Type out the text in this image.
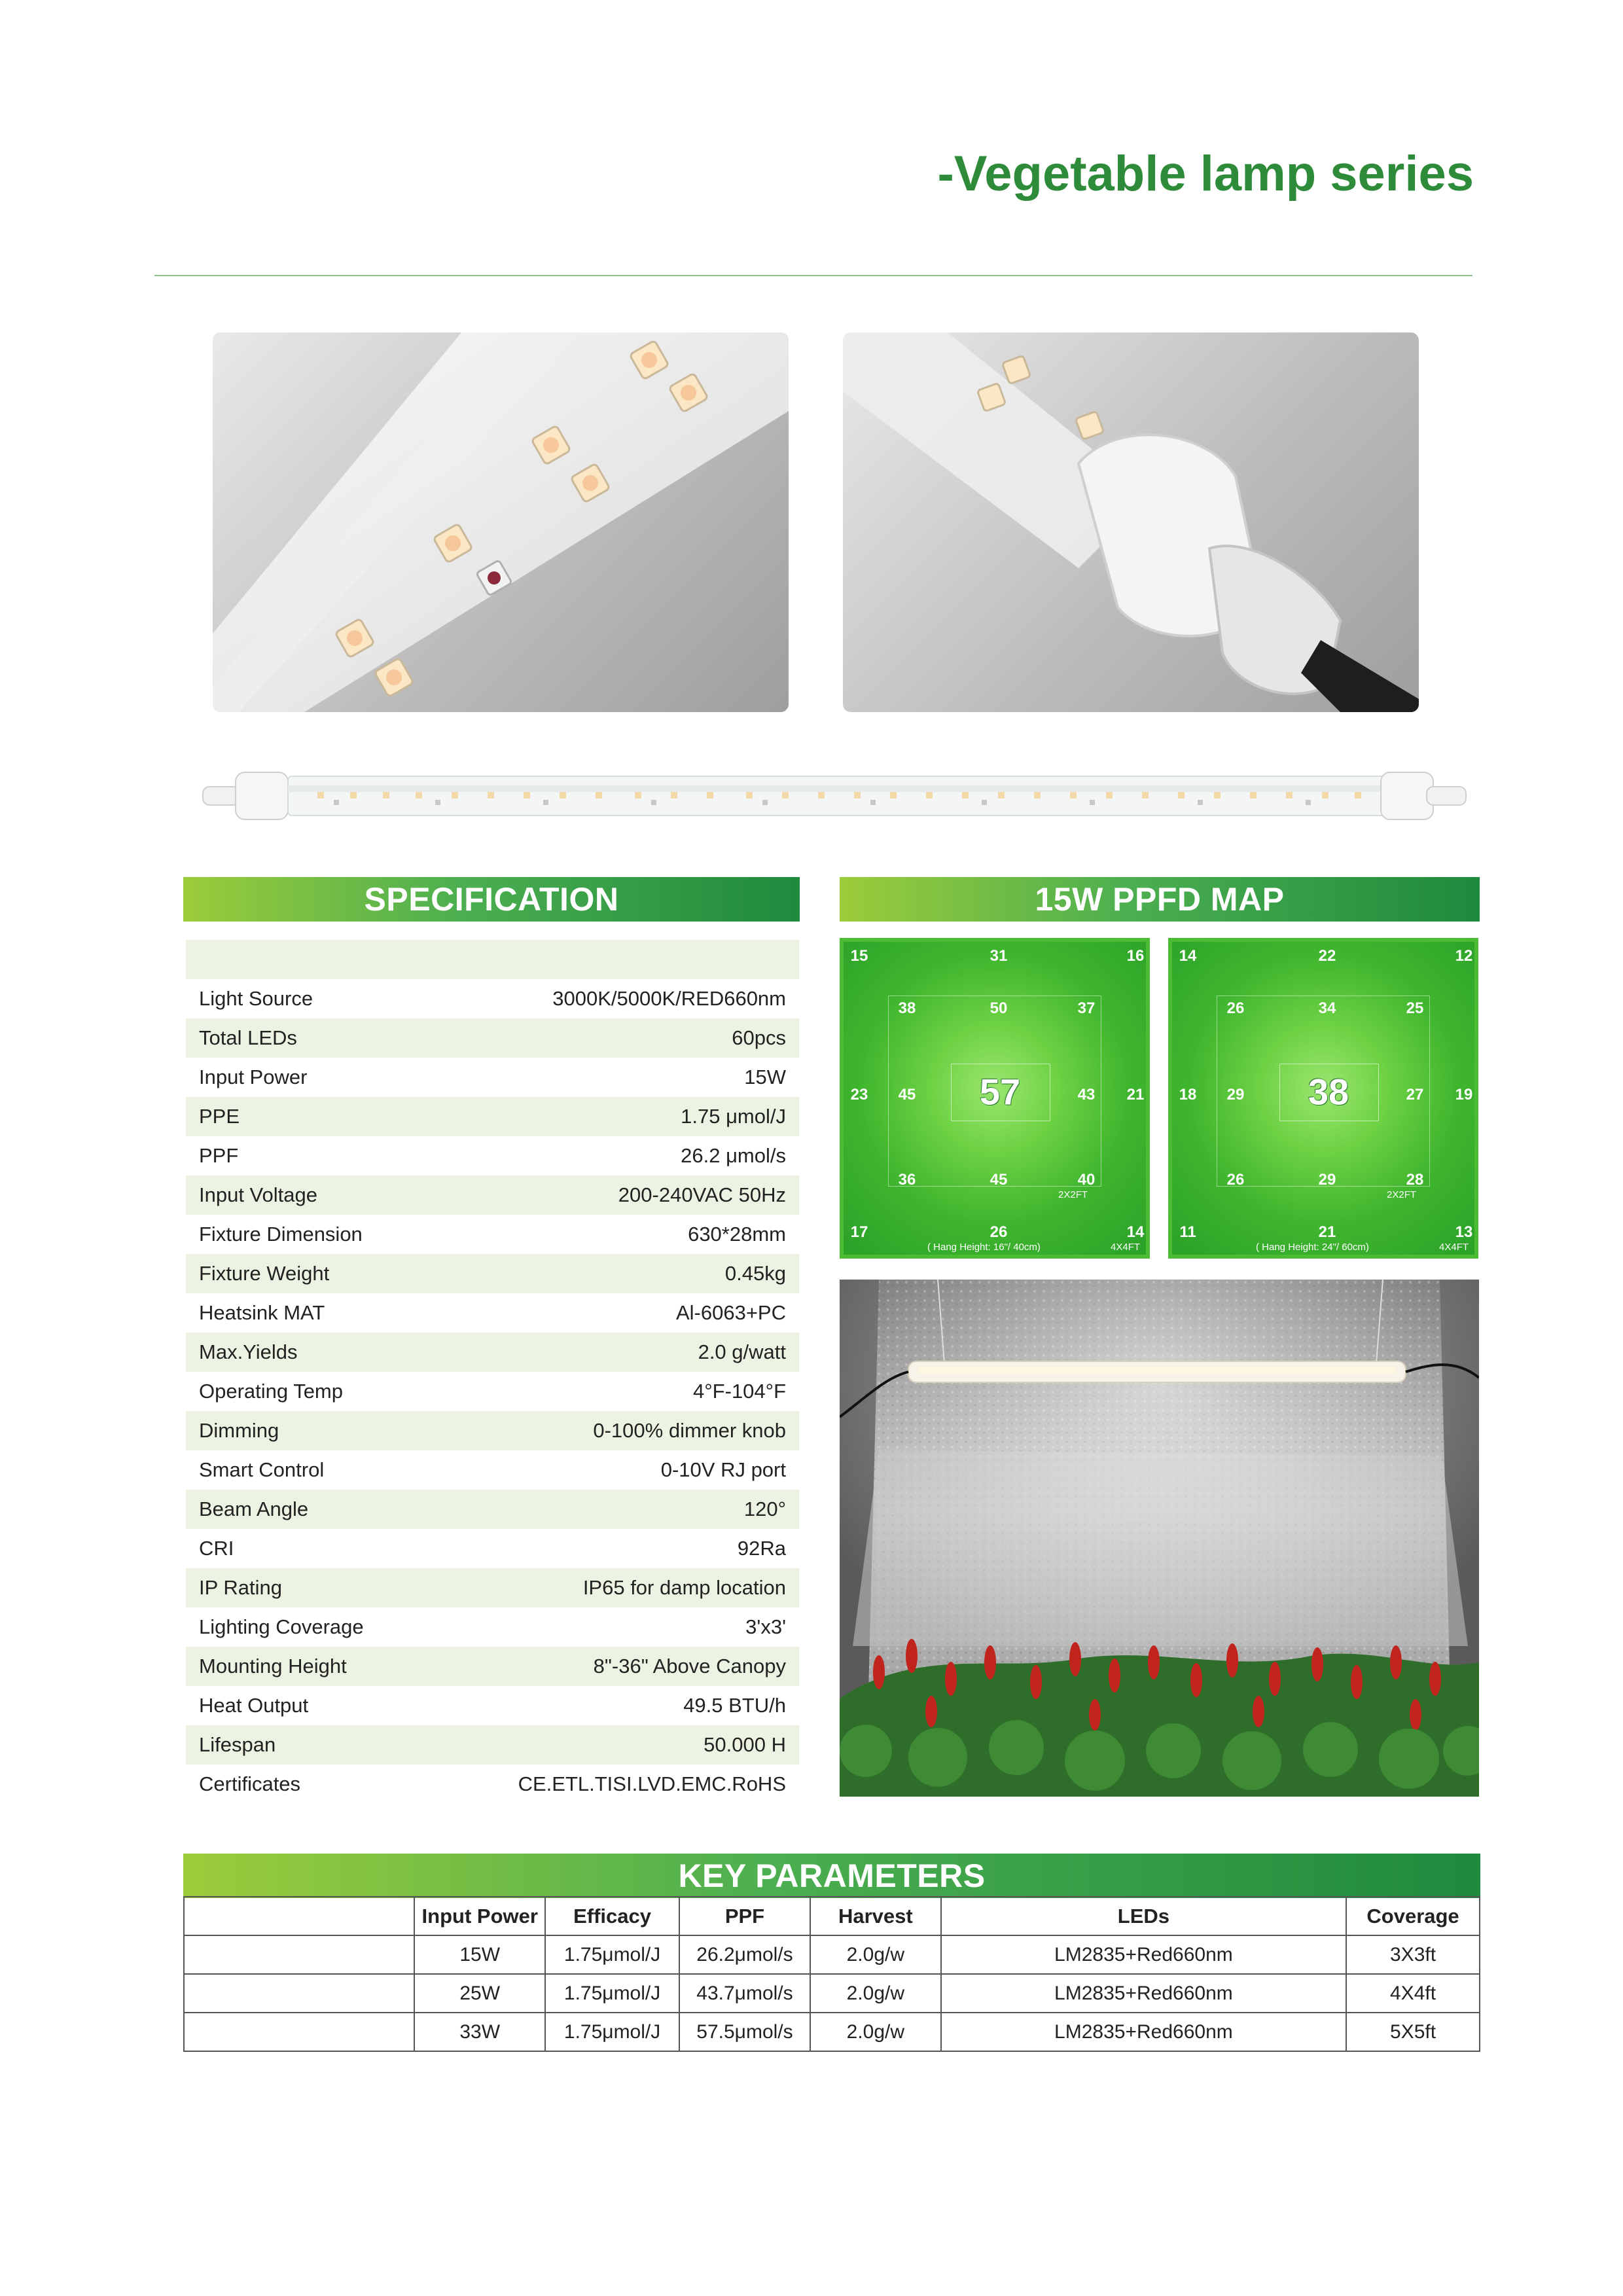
-Vegetable lamp series
SPECIFICATION	15W PPFD MAP
Light Source	3000K/5000K/RED660nm
Total LEDs	60pcs
Input Power	15W
PPE	1.75 μmol/J
PPF	26.2 μmol/s
Input Voltage	200-240VAC 50Hz
Fixture Dimension	630*28mm
Fixture Weight	0.45kg
Heatsink MAT	Al-6063+PC
Max.Yields	2.0 g/watt
Operating Temp	4°F-104°F
Dimming	0-100% dimmer knob
Smart Control	0-10V RJ port
Beam Angle	120°
CRI	92Ra
IP Rating	IP65 for damp location
Lighting Coverage	3'x3'
Mounting Height	8"-36" Above Canopy
Heat Output	49.5 BTU/h
Lifespan	50.000 H
Certificates	CE.ETL.TISI.LVD.EMC.RoHS
15	31	16
23	21
17	26	14
38	50	37
45	43
36	45	40
57
2X2FT
4X4FT
( Hang Height: 16"/ 40cm)
14	22	12
18	19
11	21	13
26	34	25
29	27
26	29	28
38
2X2FT
4X4FT
( Hang Height: 24"/ 60cm)
KEY PARAMETERS
	Input Power	Efficacy	PPF	Harvest	LEDs	Coverage
	15W	1.75μmol/J	26.2μmol/s	2.0g/w	LM2835+Red660nm	3X3ft
	25W	1.75μmol/J	43.7μmol/s	2.0g/w	LM2835+Red660nm	4X4ft
	33W	1.75μmol/J	57.5μmol/s	2.0g/w	LM2835+Red660nm	5X5ft
